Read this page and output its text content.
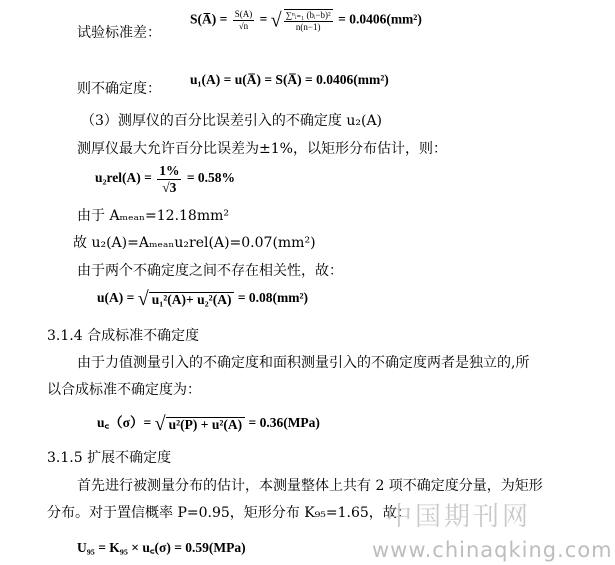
试验标准差：
S(A̅) = $\frac{S(A)}{√n}$ = √ $\frac{\text{∑ⁿᵢ₌₁ (bᵢ−b)²}}{n(n-1)} = 0.0406(mm^2)$
则不确定度：
u₁(A) = u(A̅) = S(A̅) = 0.0406(mm²)
（3）测厚仪的百分比误差引入的不确定度 u₂(A)
测厚仪最大允许百分比误差为±1%，以矩形分布估计，则：
$u_2rel(A) = \frac{1\%}{√3} = 0.58\%$
由于 Aₘₑₐₙ=12.18mm²
故 u₂(A)=Aₘₑₐₙu₂rel(A)=0.07(mm²)
由于两个不确定度之间不存在相关性，故：
u(A) = √ u₁²(A)+ u₂²(A) = 0.08(mm²)
3.1.4 合成标准不确定度
由于力值测量引入的不确定度和面积测量引入的不确定度两者是独立的,所
以合成标准不确定度为：
u꜀（σ）= √ u²(P) + u²(A) = 0.36(MPa)
3.1.5 扩展不确定度
首先进行被测量分布的估计，本测量整体上共有 2 项不确定度分量，为矩形
分布。对于置信概率 P=0.95，矩形分布 K₉₅=1.65，故：
U₉₅ = K₉₅ × u꜀(σ) = 0.59(MPa)
中国期刊网
www.chinaqking.com
